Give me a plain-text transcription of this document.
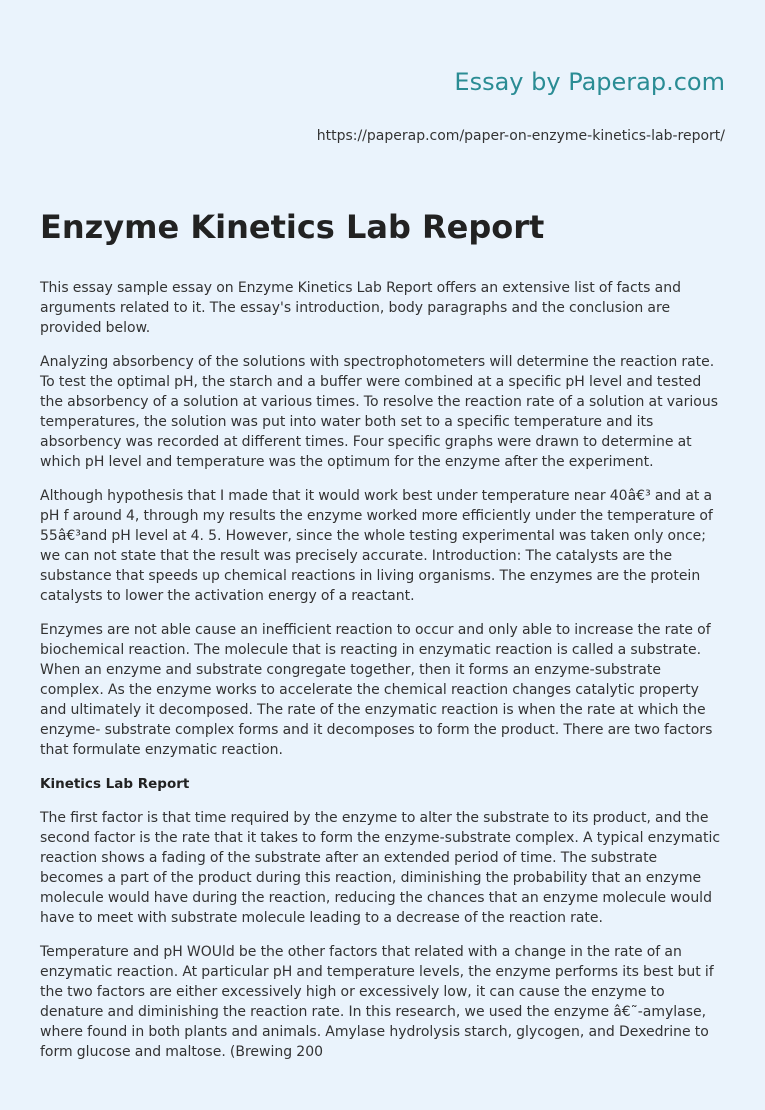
Essay by Paperap.com
https://paperap.com/paper-on-enzyme-kinetics-lab-report/
Enzyme Kinetics Lab Report

This essay sample essay on Enzyme Kinetics Lab Report offers an extensive list of facts and arguments related to it. The essay's introduction, body paragraphs and the conclusion are provided below.

Analyzing absorbency of the solutions with spectrophotometers will determine the reaction rate. To test the optimal pH, the starch and a buffer were combined at a specific pH level and tested the absorbency of a solution at various times. To resolve the reaction rate of a solution at various temperatures, the solution was put into water both set to a specific temperature and its absorbency was recorded at different times. Four specific graphs were drawn to determine at which pH level and temperature was the optimum for the enzyme after the experiment.

Although hypothesis that I made that it would work best under temperature near 40â€³ and at a pH f around 4, through my results the enzyme worked more efficiently under the temperature of 55â€³and pH level at 4. 5. However, since the whole testing experimental was taken only once; we can not state that the result was precisely accurate. Introduction: The catalysts are the substance that speeds up chemical reactions in living organisms. The enzymes are the protein catalysts to lower the activation energy of a reactant.

Enzymes are not able cause an inefficient reaction to occur and only able to increase the rate of biochemical reaction. The molecule that is reacting in enzymatic reaction is called a substrate. When an enzyme and substrate congregate together, then it forms an enzyme-substrate complex. As the enzyme works to accelerate the chemical reaction changes catalytic property and ultimately it decomposed. The rate of the enzymatic reaction is when the rate at which the enzyme- substrate complex forms and it decomposes to form the product. There are two factors that formulate enzymatic reaction.

Kinetics Lab Report

The first factor is that time required by the enzyme to alter the substrate to its product, and the second factor is the rate that it takes to form the enzyme-substrate complex. A typical enzymatic reaction shows a fading of the substrate after an extended period of time. The substrate becomes a part of the product during this reaction, diminishing the probability that an enzyme molecule would have during the reaction, reducing the chances that an enzyme molecule would have to meet with substrate molecule leading to a decrease of the reaction rate.

Temperature and pH WOUld be the other factors that related with a change in the rate of an enzymatic reaction. At particular pH and temperature levels, the enzyme performs its best but if the two factors are either excessively high or excessively low, it can cause the enzyme to denature and diminishing the reaction rate. In this research, we used the enzyme â€˜-amylase, where found in both plants and animals. Amylase hydrolysis starch, glycogen, and Dexedrine to form glucose and maltose. (Brewing 200
